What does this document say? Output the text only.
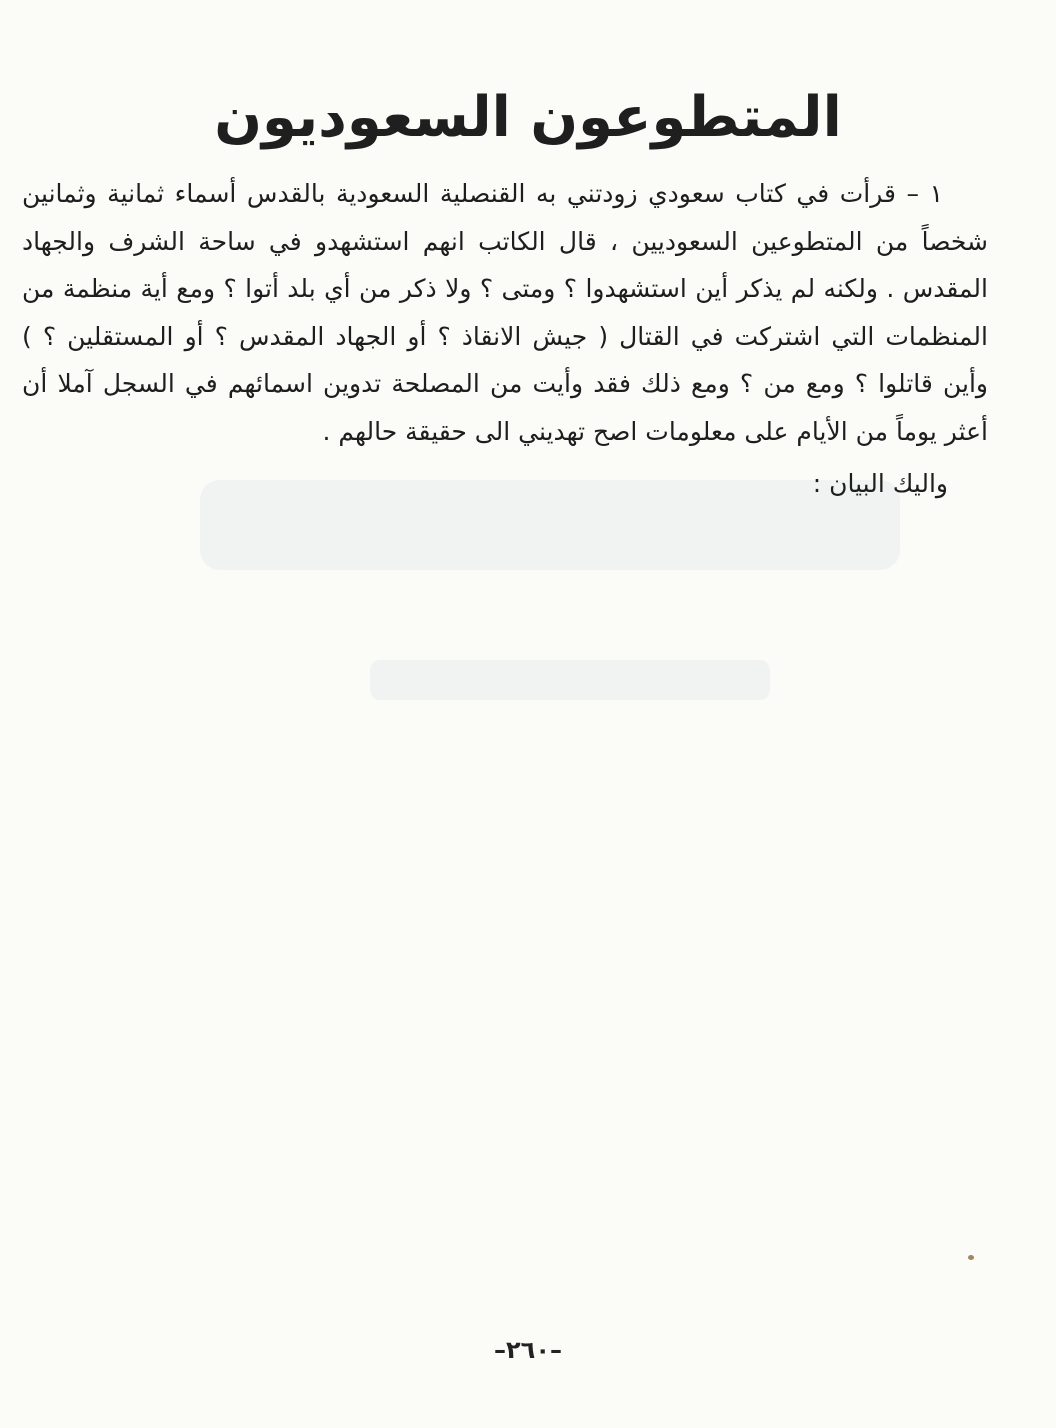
المتطوعون السعوديون

١ – قرأت في كتاب سعودي زودتني به القنصلية السعودية بالقدس أسماء ثمانية وثمانين شخصاً من المتطوعين السعوديين ، قال الكاتب انهم استشهدو في ساحة الشرف والجهاد المقدس . ولكنه لم يذكر أين استشهدوا ؟ ومتى ؟ ولا ذكر من أي بلد أتوا ؟ ومع أية منظمة من المنظمات التي اشتركت في القتال ( جيش الانقاذ ؟ أو الجهاد المقدس ؟ أو المستقلين ؟ ) وأين قاتلوا ؟ ومع من ؟ ومع ذلك فقد وأيت من المصلحة تدوين اسمائهم في السجل آملا أن أعثر يوماً من الأيام على معلومات اصح تهديني الى حقيقة حالهم .

واليك البيان :
–٢٦٠–
